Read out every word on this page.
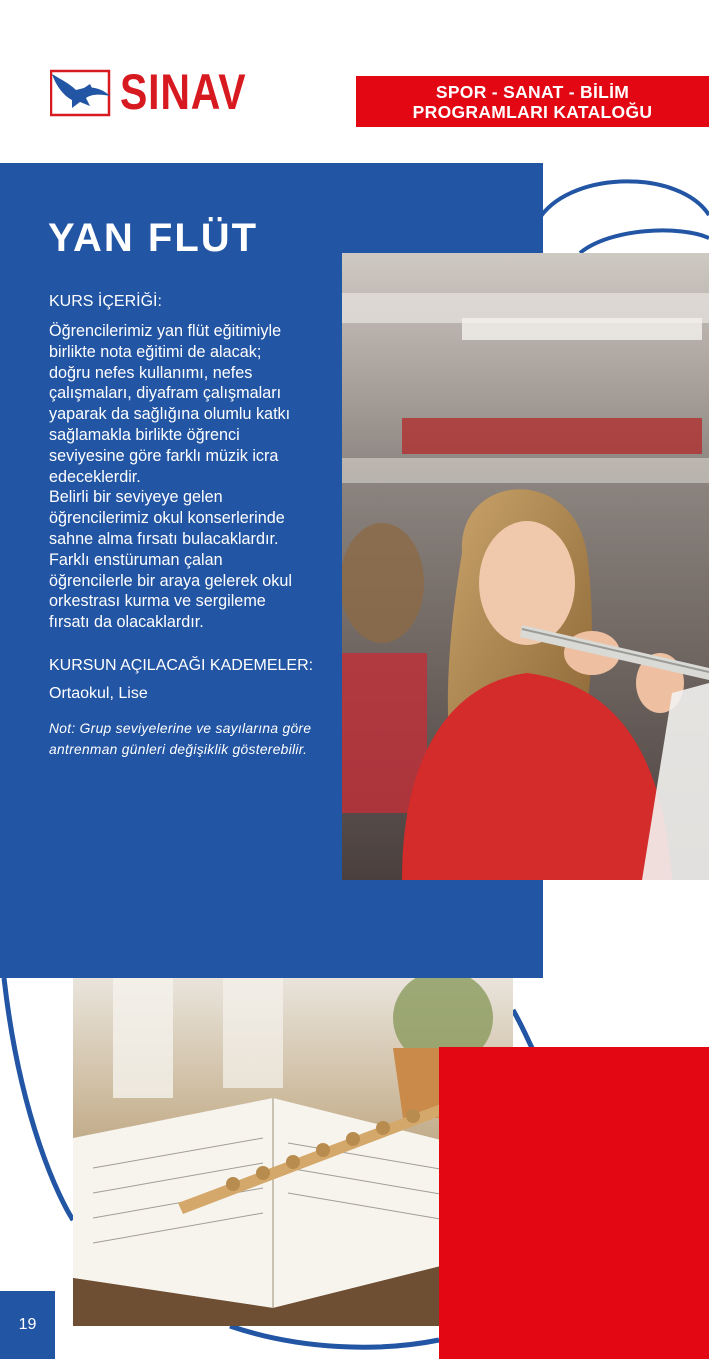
SINAV	SPOR - SANAT - BİLİM
PROGRAMLARI KATALOĞU
YAN FLÜT
KURS İÇERİĞİ:
Öğrencilerimiz yan flüt eğitimiyle
birlikte nota eğitimi de alacak;
doğru nefes kullanımı, nefes
çalışmaları, diyafram çalışmaları
yaparak da sağlığına olumlu katkı
sağlamakla birlikte öğrenci
seviyesine göre farklı müzik icra
edeceklerdir.
Belirli bir seviyeye gelen
öğrencilerimiz okul konserlerinde
sahne alma fırsatı bulacaklardır.
Farklı enstüruman çalan
öğrencilerle bir araya gelerek okul
orkestrası kurma ve sergileme
fırsatı da olacaklardır.
KURSUN AÇILACAĞI KADEMELER:
Ortaokul, Lise
Not: Grup seviyelerine ve sayılarına göre antrenman günleri değişiklik gösterebilir.
19
